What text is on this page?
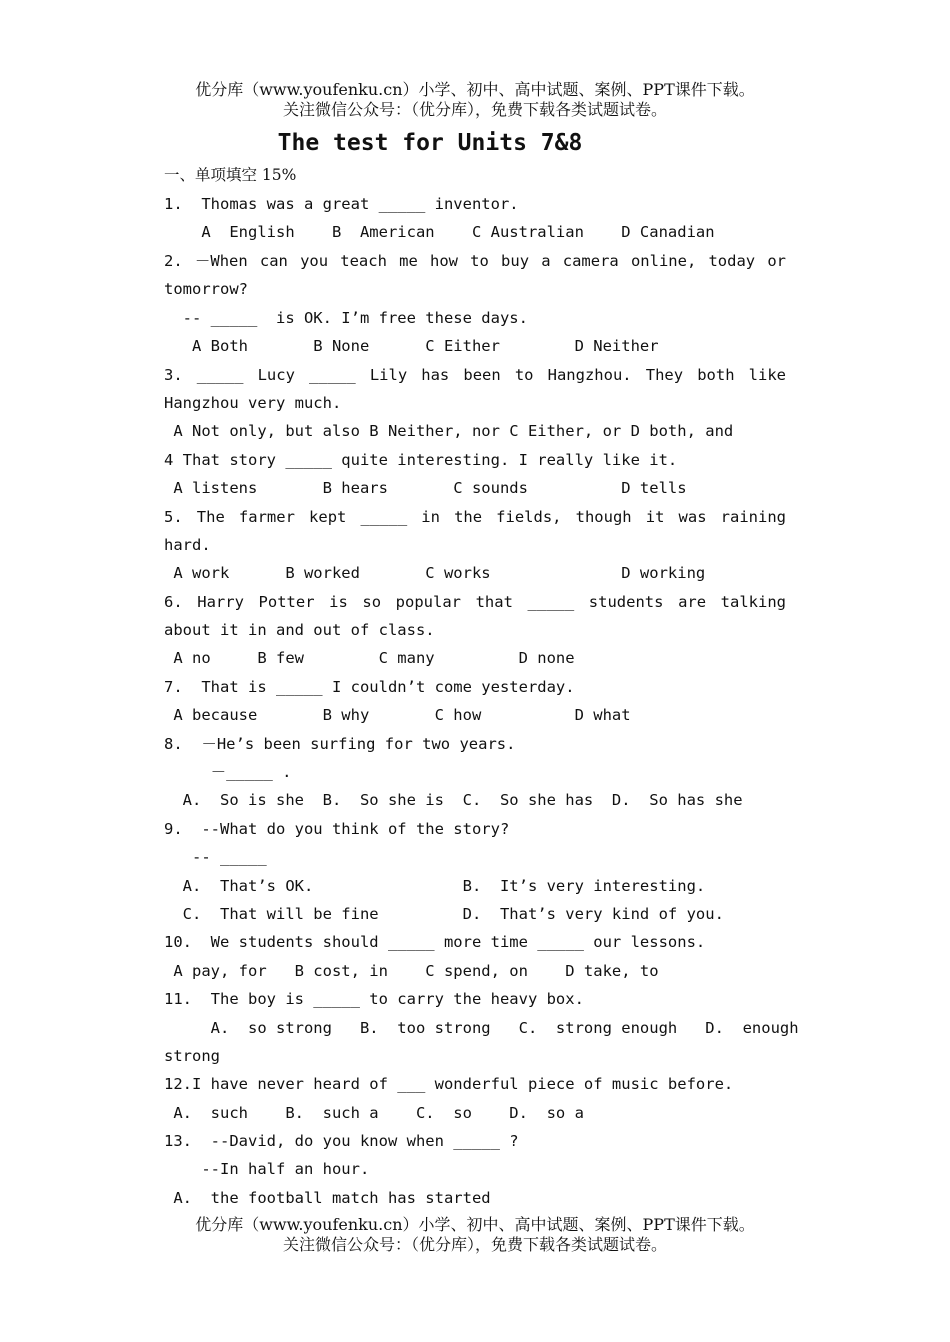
优分库（www.youfenku.cn）小学、初中、高中试题、案例、PPT课件下载。
关注微信公众号：（优分库），免费下载各类试题试卷。
The test for Units 7&8
一、单项填空 15%
1.  Thomas was a great _____ inventor.
A  English    B  American    C Australian    D Canadian
2. －When can you teach me how to buy a camera online, today or
tomorrow?
-- _____  is OK. I’m free these days.
A Both       B None      C Either        D Neither
3. _____ Lucy _____ Lily has been to Hangzhou. They both like
Hangzhou very much.
A Not only, but also B Neither, nor C Either, or D both, and
4 That story _____ quite interesting. I really like it.
A listens       B hears       C sounds          D tells
5. The farmer kept _____ in the fields, though it was raining
hard.
A work      B worked       C works              D working
6. Harry Potter is so popular that _____ students are talking
about it in and out of class.
A no     B few        C many         D none
7.  That is _____ I couldn’t come yesterday.
A because       B why       C how          D what
8.  －He’s been surfing for two years.
－_____ .
A.  So is she  B.  So she is  C.  So she has  D.  So has she
9.  --What do you think of the story?
-- _____
A.  That’s OK.                B.  It’s very interesting.
C.  That will be fine         D.  That’s very kind of you.
10.  We students should _____ more time _____ our lessons.
A pay, for   B cost, in    C spend, on    D take, to
11.  The boy is _____ to carry the heavy box.
A.  so strong   B.  too strong   C.  strong enough   D.  enough
strong
12.I have never heard of ___ wonderful piece of music before.
A.  such    B.  such a    C.  so    D.  so a
13.  --David, do you know when _____ ?
--In half an hour.
A.  the football match has started
优分库（www.youfenku.cn）小学、初中、高中试题、案例、PPT课件下载。
关注微信公众号：（优分库），免费下载各类试题试卷。
